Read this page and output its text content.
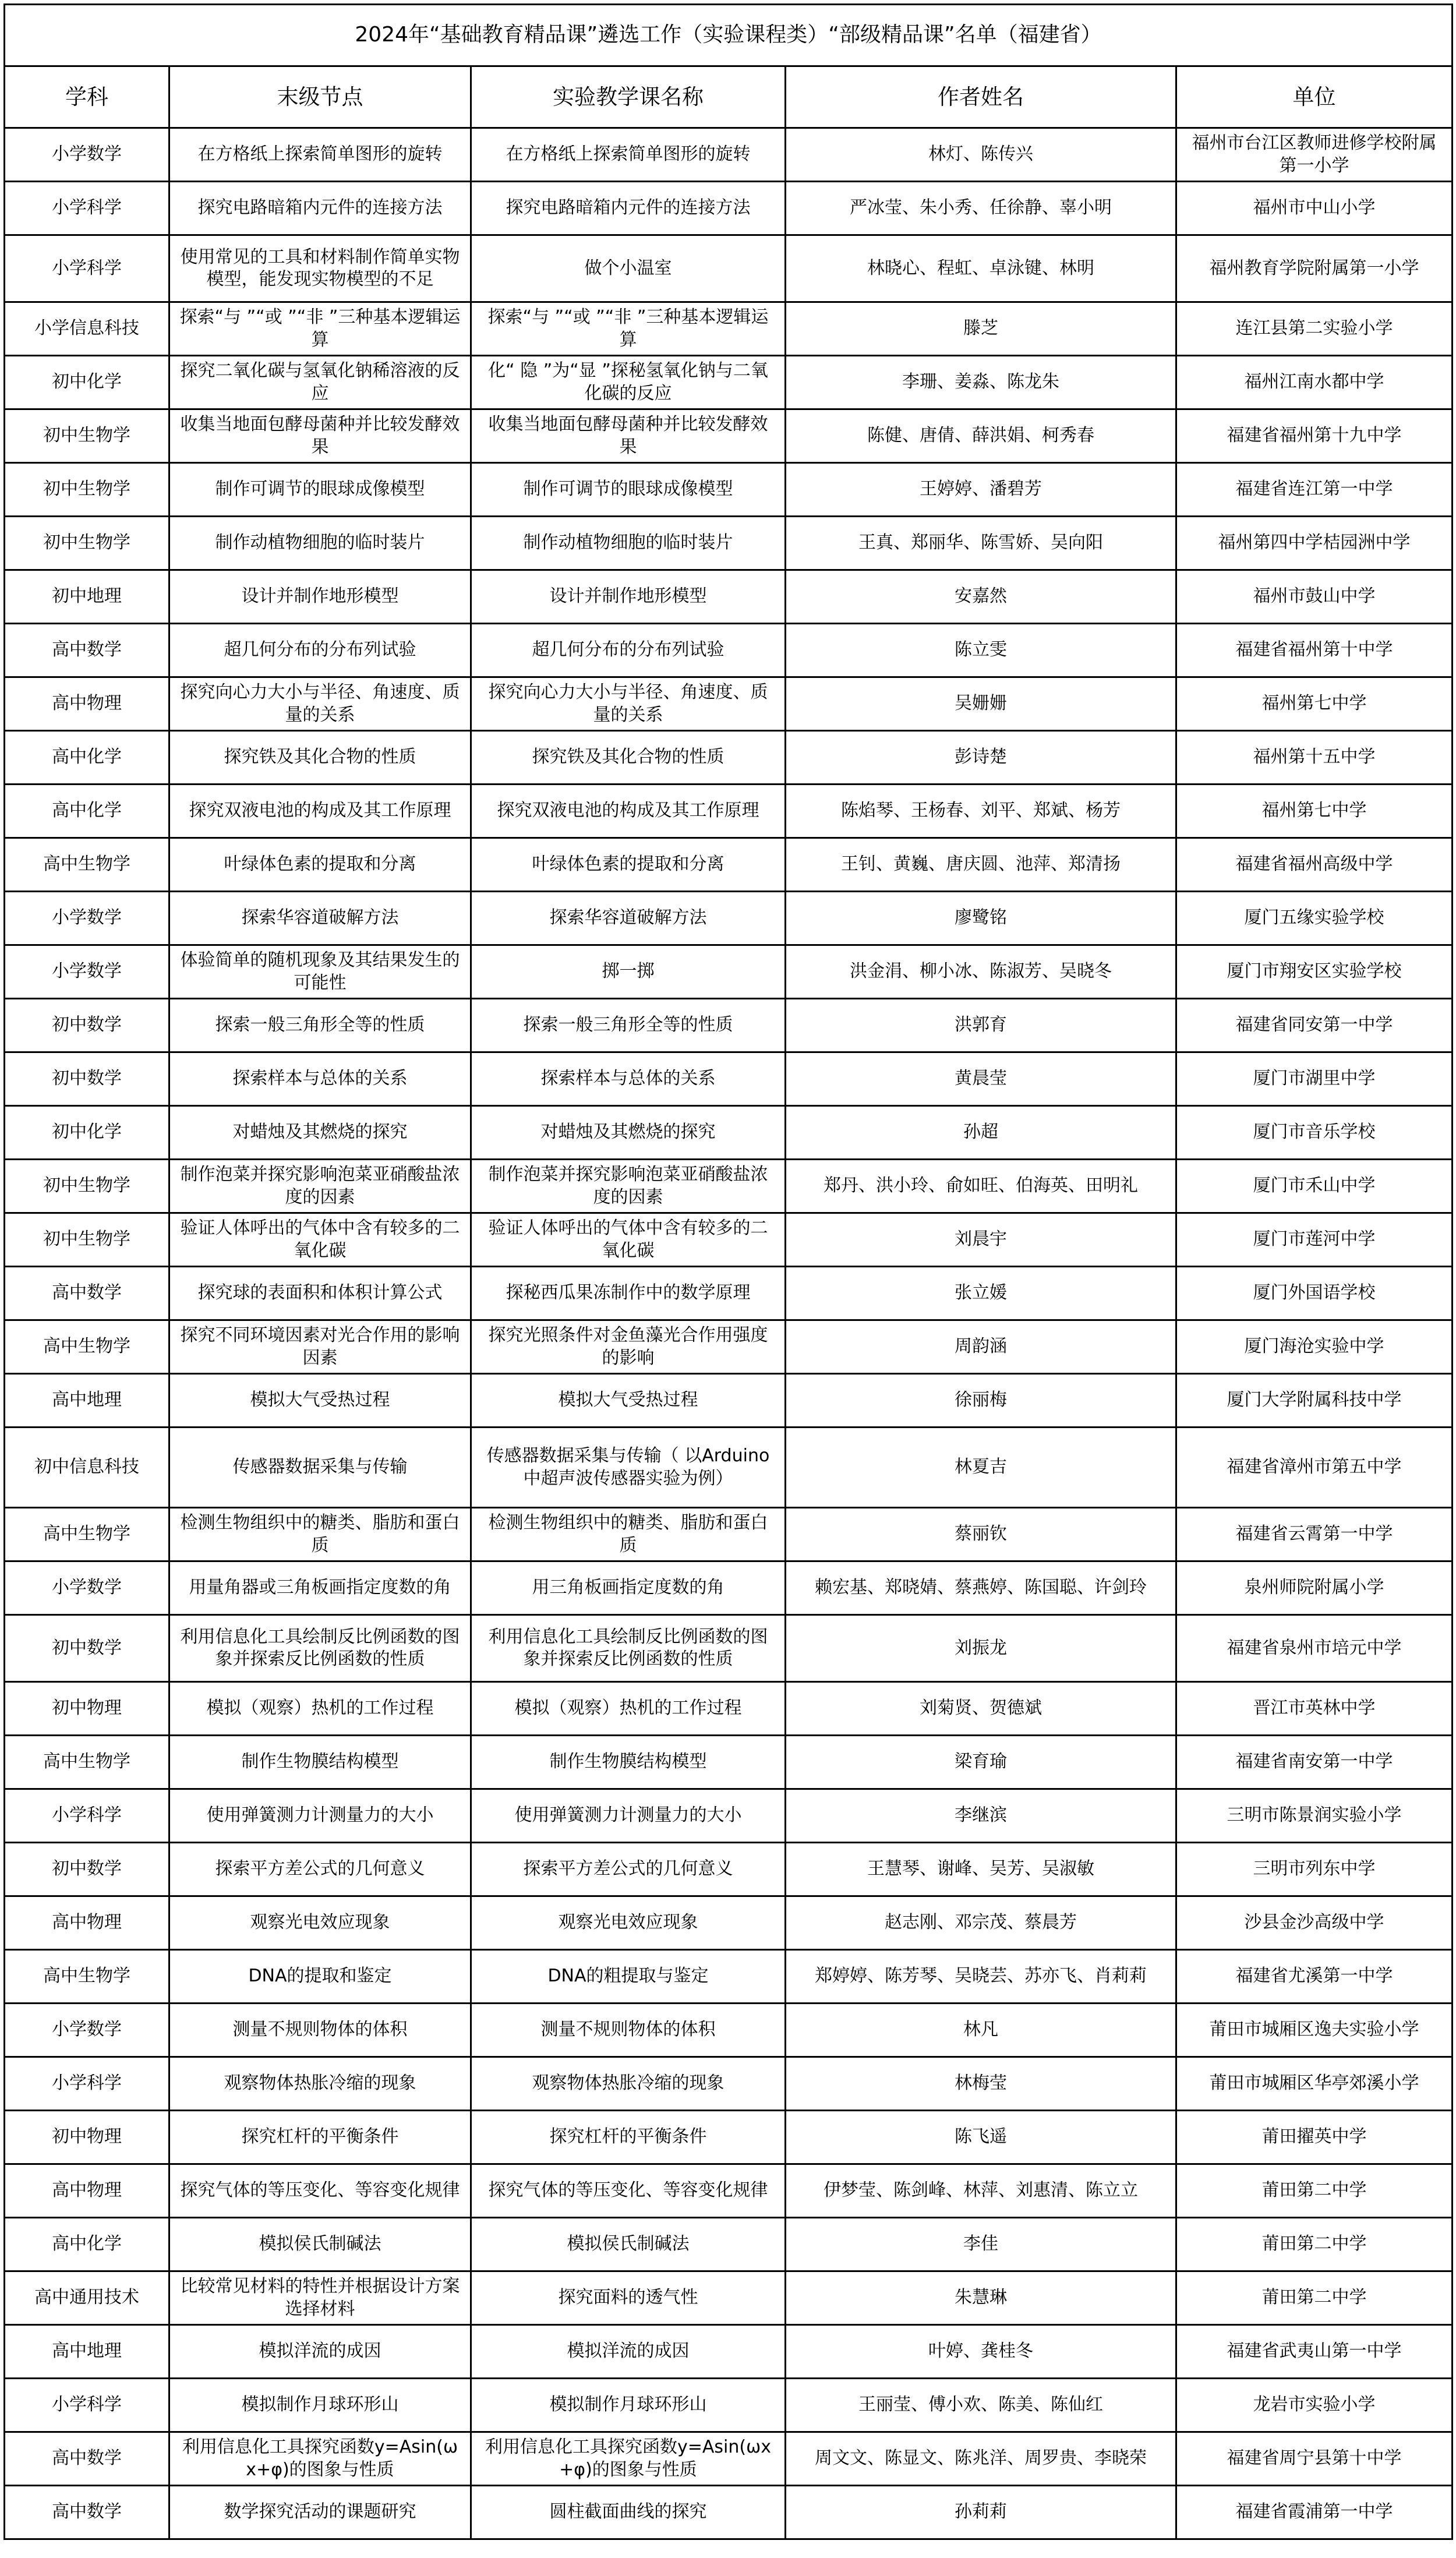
2024年“基础教育精品课”遴选工作（实验课程类）“部级精品课”名单（福建省）				
学科	末级节点	实验教学课名称	作者姓名	单位
小学数学	在方格纸上探索简单图形的旋转	在方格纸上探索简单图形的旋转	林灯、陈传兴	福州市台江区教师进修学校附属第一小学
小学科学	探究电路暗箱内元件的连接方法	探究电路暗箱内元件的连接方法	严冰莹、朱小秀、任徐静、辜小明	福州市中山小学
小学科学	使用常见的工具和材料制作简单实物模型，能发现实物模型的不足	做个小温室	林晓心、程虹、卓泳键、林明	福州教育学院附属第一小学
小学信息科技	探索“与 ”“或 ”“非 ”三种基本逻辑运算	探索“与 ”“或 ”“非 ”三种基本逻辑运算	滕芝	连江县第二实验小学
初中化学	探究二氧化碳与氢氧化钠稀溶液的反应	化“ 隐 ”为“显 ”探秘氢氧化钠与二氧化碳的反应	李珊、姜淼、陈龙朱	福州江南水都中学
初中生物学	收集当地面包酵母菌种并比较发酵效果	收集当地面包酵母菌种并比较发酵效果	陈健、唐倩、薛洪娟、柯秀春	福建省福州第十九中学
初中生物学	制作可调节的眼球成像模型	制作可调节的眼球成像模型	王婷婷、潘碧芳	福建省连江第一中学
初中生物学	制作动植物细胞的临时装片	制作动植物细胞的临时装片	王真、郑丽华、陈雪娇、吴向阳	福州第四中学桔园洲中学
初中地理	设计并制作地形模型	设计并制作地形模型	安嘉然	福州市鼓山中学
高中数学	超几何分布的分布列试验	超几何分布的分布列试验	陈立雯	福建省福州第十中学
高中物理	探究向心力大小与半径、角速度、质量的关系	探究向心力大小与半径、角速度、质量的关系	吴姗姗	福州第七中学
高中化学	探究铁及其化合物的性质	探究铁及其化合物的性质	彭诗楚	福州第十五中学
高中化学	探究双液电池的构成及其工作原理	探究双液电池的构成及其工作原理	陈焰琴、王杨春、刘平、郑斌、杨芳	福州第七中学
高中生物学	叶绿体色素的提取和分离	叶绿体色素的提取和分离	王钊、黄巍、唐庆圆、池萍、郑清扬	福建省福州高级中学
小学数学	探索华容道破解方法	探索华容道破解方法	廖鹭铭	厦门五缘实验学校
小学数学	体验简单的随机现象及其结果发生的可能性	掷一掷	洪金涓、柳小冰、陈淑芳、吴晓冬	厦门市翔安区实验学校
初中数学	探索一般三角形全等的性质	探索一般三角形全等的性质	洪郭育	福建省同安第一中学
初中数学	探索样本与总体的关系	探索样本与总体的关系	黄晨莹	厦门市湖里中学
初中化学	对蜡烛及其燃烧的探究	对蜡烛及其燃烧的探究	孙超	厦门市音乐学校
初中生物学	制作泡菜并探究影响泡菜亚硝酸盐浓度的因素	制作泡菜并探究影响泡菜亚硝酸盐浓度的因素	郑丹、洪小玲、俞如旺、伯海英、田明礼	厦门市禾山中学
初中生物学	验证人体呼出的气体中含有较多的二氧化碳	验证人体呼出的气体中含有较多的二氧化碳	刘晨宇	厦门市莲河中学
高中数学	探究球的表面积和体积计算公式	探秘西瓜果冻制作中的数学原理	张立媛	厦门外国语学校
高中生物学	探究不同环境因素对光合作用的影响因素	探究光照条件对金鱼藻光合作用强度的影响	周韵涵	厦门海沧实验中学
高中地理	模拟大气受热过程	模拟大气受热过程	徐丽梅	厦门大学附属科技中学
初中信息科技	传感器数据采集与传输	传感器数据采集与传输（ 以Arduino中超声波传感器实验为例）	林夏吉	福建省漳州市第五中学
高中生物学	检测生物组织中的糖类、脂肪和蛋白质	检测生物组织中的糖类、脂肪和蛋白质	蔡丽钦	福建省云霄第一中学
小学数学	用量角器或三角板画指定度数的角	用三角板画指定度数的角	赖宏基、郑晓婧、蔡燕婷、陈国聪、许剑玲	泉州师院附属小学
初中数学	利用信息化工具绘制反比例函数的图象并探索反比例函数的性质	利用信息化工具绘制反比例函数的图象并探索反比例函数的性质	刘振龙	福建省泉州市培元中学
初中物理	模拟（观察）热机的工作过程	模拟（观察）热机的工作过程	刘菊贤、贺德斌	晋江市英林中学
高中生物学	制作生物膜结构模型	制作生物膜结构模型	梁育瑜	福建省南安第一中学
小学科学	使用弹簧测力计测量力的大小	使用弹簧测力计测量力的大小	李继滨	三明市陈景润实验小学
初中数学	探索平方差公式的几何意义	探索平方差公式的几何意义	王慧琴、谢峰、吴芳、吴淑敏	三明市列东中学
高中物理	观察光电效应现象	观察光电效应现象	赵志刚、邓宗茂、蔡晨芳	沙县金沙高级中学
高中生物学	DNA的提取和鉴定	DNA的粗提取与鉴定	郑婷婷、陈芳琴、吴晓芸、苏亦飞、肖莉莉	福建省尤溪第一中学
小学数学	测量不规则物体的体积	测量不规则物体的体积	林凡	莆田市城厢区逸夫实验小学
小学科学	观察物体热胀冷缩的现象	观察物体热胀冷缩的现象	林梅莹	莆田市城厢区华亭郊溪小学
初中物理	探究杠杆的平衡条件	探究杠杆的平衡条件	陈飞遥	莆田擢英中学
高中物理	探究气体的等压变化、等容变化规律	探究气体的等压变化、等容变化规律	伊梦莹、陈剑峰、林萍、刘惠清、陈立立	莆田第二中学
高中化学	模拟侯氏制碱法	模拟侯氏制碱法	李佳	莆田第二中学
高中通用技术	比较常见材料的特性并根据设计方案选择材料	探究面料的透气性	朱慧琳	莆田第二中学
高中地理	模拟洋流的成因	模拟洋流的成因	叶婷、龚桂冬	福建省武夷山第一中学
小学科学	模拟制作月球环形山	模拟制作月球环形山	王丽莹、傅小欢、陈美、陈仙红	龙岩市实验小学
高中数学	利用信息化工具探究函数y=Asin(ωx+φ)的图象与性质	利用信息化工具探究函数y=Asin(ωx+φ)的图象与性质	周文文、陈显文、陈兆洋、周罗贵、李晓荣	福建省周宁县第十中学
高中数学	数学探究活动的课题研究	圆柱截面曲线的探究	孙莉莉	福建省霞浦第一中学
